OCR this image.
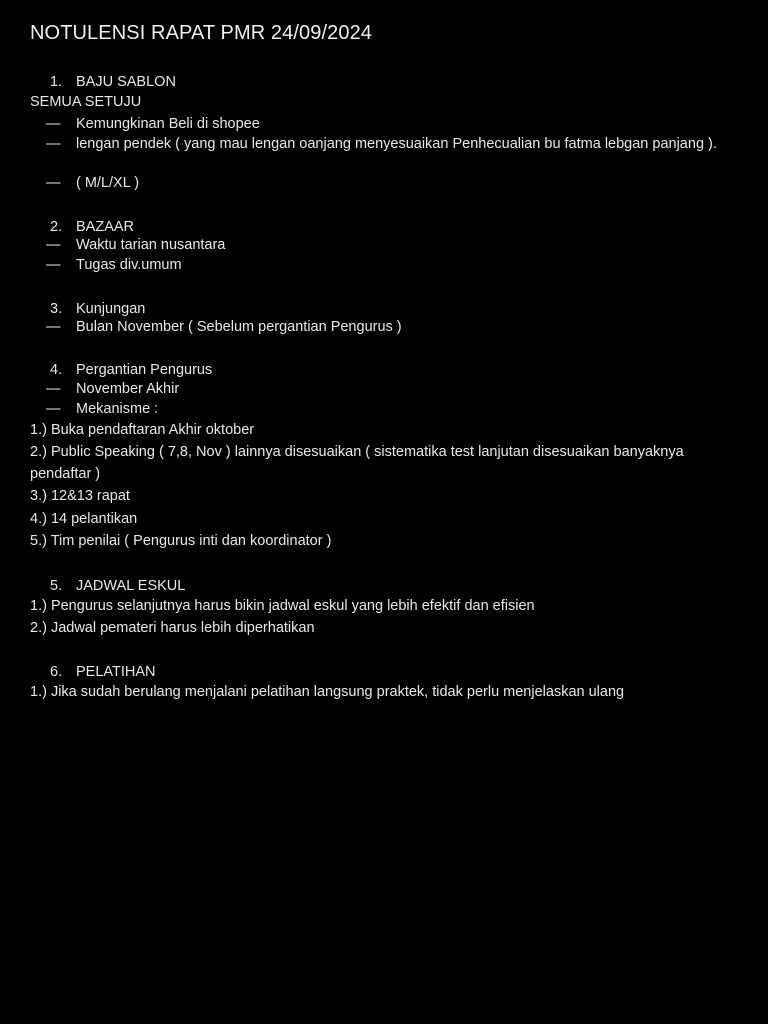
NOTULENSI RAPAT PMR 24/09/2024
1. BAJU SABLON
SEMUA SETUJU
— Kemungkinan Beli di shopee
— lengan pendek ( yang mau lengan oanjang menyesuaikan Penhecualian bu fatma lebgan panjang ).
— ( M/L/XL )
2. BAZAAR
— Waktu tarian nusantara
— Tugas div.umum
3. Kunjungan
— Bulan November ( Sebelum pergantian Pengurus )
4. Pergantian Pengurus
— November Akhir
— Mekanisme :
1.) Buka pendaftaran Akhir oktober
2.) Public Speaking ( 7,8, Nov ) lainnya disesuaikan ( sistematika test lanjutan disesuaikan banyaknya pendaftar )
3.) 12&13 rapat
4.) 14 pelantikan
5.) Tim penilai ( Pengurus inti dan koordinator )
5. JADWAL ESKUL
1.) Pengurus selanjutnya harus bikin jadwal eskul yang lebih efektif dan efisien
2.) Jadwal pemateri harus lebih diperhatikan
6. PELATIHAN
1.) Jika sudah berulang menjalani pelatihan langsung praktek, tidak perlu menjelaskan ulang
